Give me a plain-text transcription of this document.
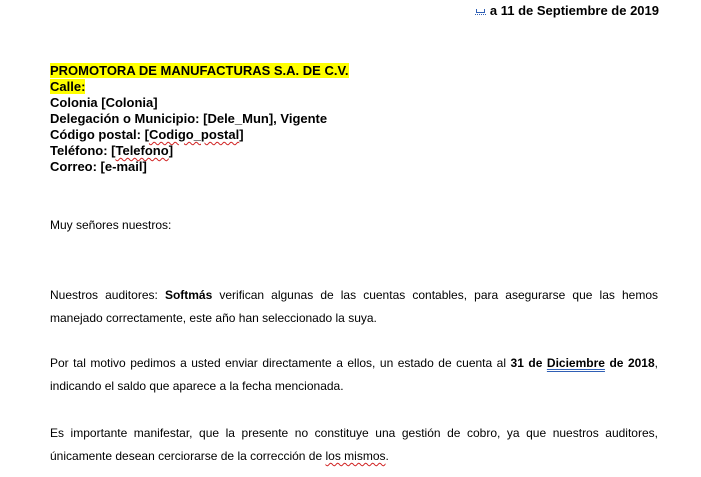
a 11 de Septiembre de 2019
PROMOTORA DE MANUFACTURAS S.A. DE C.V.
Calle:
Colonia [Colonia]
Delegación o Municipio: [Dele_Mun], Vigente
Código postal: [Codigo_postal]
Teléfono: [Telefono]
Correo: [e-mail]
Muy señores nuestros:
Nuestros auditores: Softmás verifican algunas de las cuentas contables, para asegurarse que las hemos manejado correctamente, este año han seleccionado la suya.
Por tal motivo pedimos a usted enviar directamente a ellos, un estado de cuenta al 31 de Diciembre de 2018, indicando el saldo que aparece a la fecha mencionada.
Es importante manifestar, que la presente no constituye una gestión de cobro, ya que nuestros auditores, únicamente desean cerciorarse de la corrección de los mismos.
